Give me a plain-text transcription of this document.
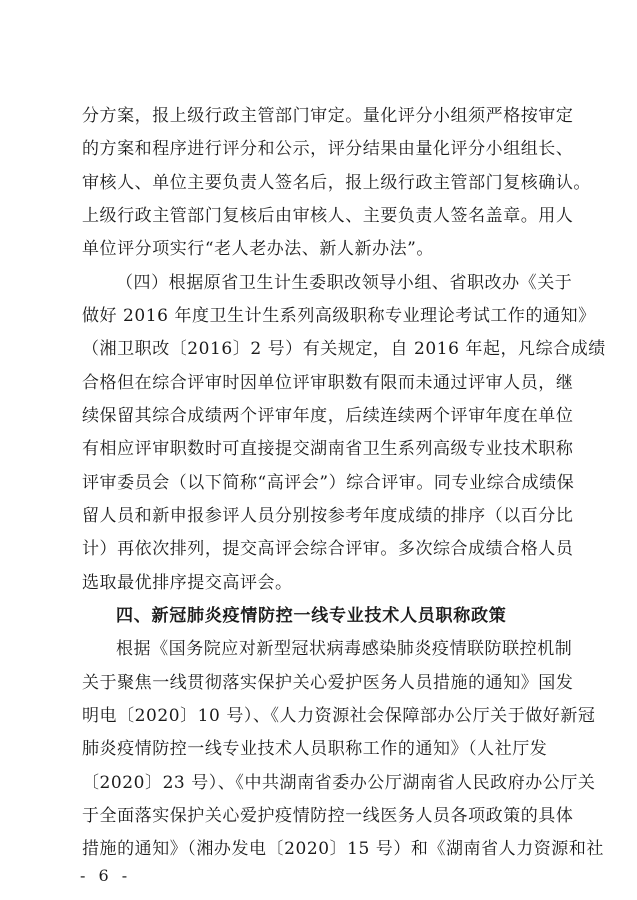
分方案，报上级行政主管部门审定。量化评分小组须严格按审定

的方案和程序进行评分和公示，评分结果由量化评分小组组长、

审核人、单位主要负责人签名后，报上级行政主管部门复核确认。

上级行政主管部门复核后由审核人、主要负责人签名盖章。用人

单位评分项实行“老人老办法、新人新办法”。

（四）根据原省卫生计生委职改领导小组、省职改办《关于

做好 2016 年度卫生计生系列高级职称专业理论考试工作的通知》

（湘卫职改〔2016〕2 号）有关规定，自 2016 年起，凡综合成绩

合格但在综合评审时因单位评审职数有限而未通过评审人员，继

续保留其综合成绩两个评审年度，后续连续两个评审年度在单位

有相应评审职数时可直接提交湖南省卫生系列高级专业技术职称

评审委员会（以下简称“高评会”）综合评审。同专业综合成绩保

留人员和新申报参评人员分别按参考年度成绩的排序（以百分比

计）再依次排列，提交高评会综合评审。多次综合成绩合格人员

选取最优排序提交高评会。

四、新冠肺炎疫情防控一线专业技术人员职称政策

根据《国务院应对新型冠状病毒感染肺炎疫情联防联控机制

关于聚焦一线贯彻落实保护关心爱护医务人员措施的通知》国发

明电〔2020〕10 号）、《人力资源社会保障部办公厅关于做好新冠

肺炎疫情防控一线专业技术人员职称工作的通知》（人社厅发

〔2020〕23 号）、《中共湖南省委办公厅湖南省人民政府办公厅关

于全面落实保护关心爱护疫情防控一线医务人员各项政策的具体

措施的通知》（湘办发电〔2020〕15 号）和《湖南省人力资源和社

- 6 -
